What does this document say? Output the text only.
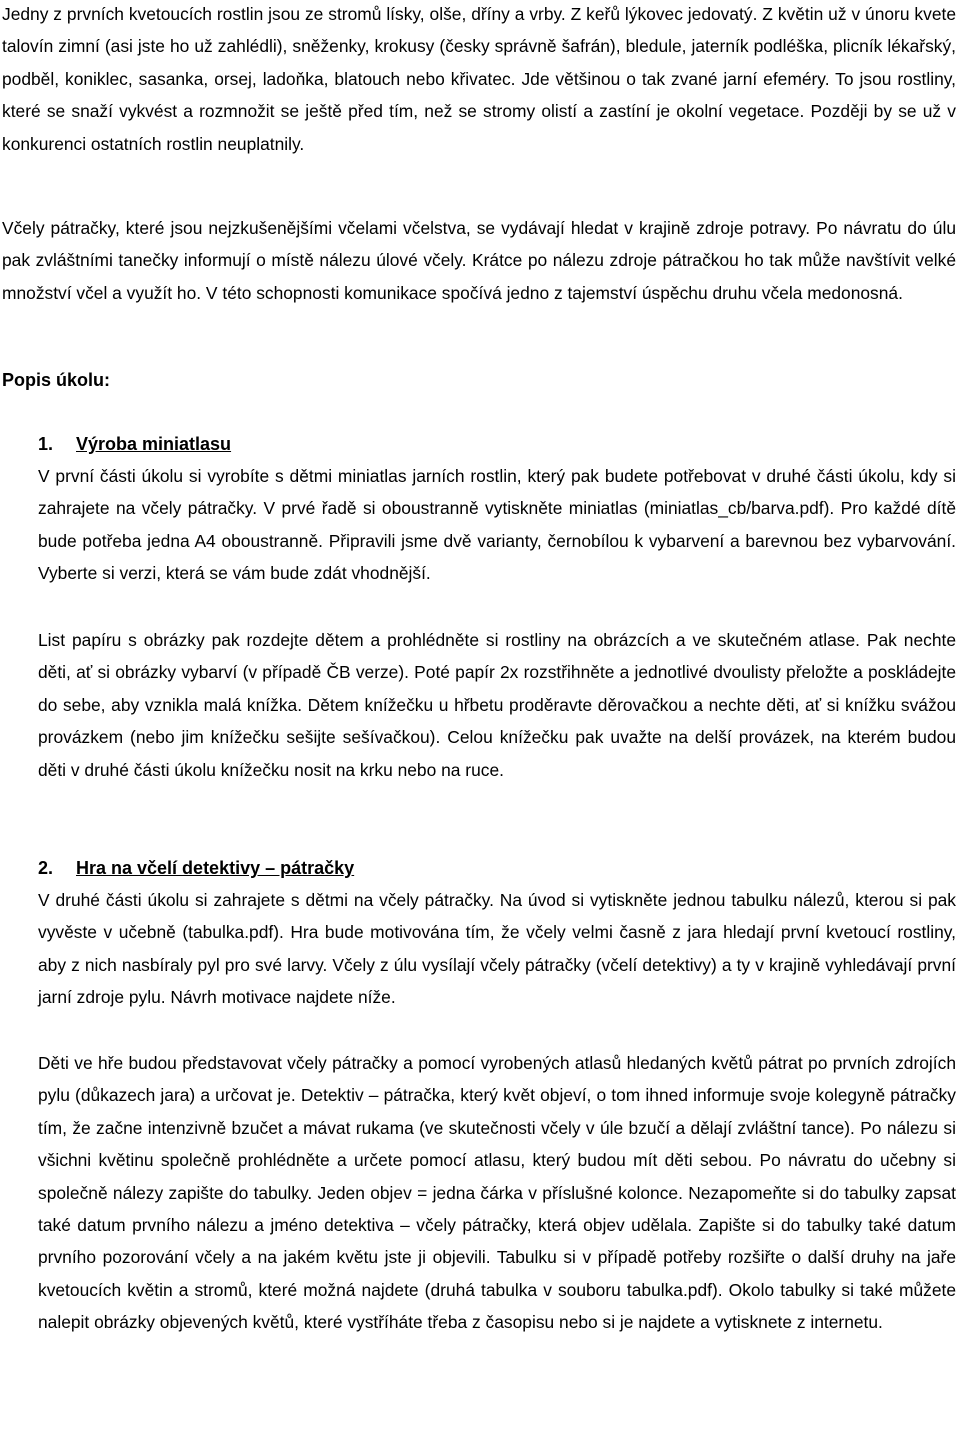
Jedny z prvních kvetoucích rostlin jsou ze stromů lísky, olše, dříny a vrby. Z keřů lýkovec jedovatý. Z květin už v únoru kvete talovín zimní (asi jste ho už zahlédli), sněženky, krokusy (česky správně šafrán), bledule, jaterník podléška, plicník lékařský, podběl, koniklec, sasanka, orsej, ladoňka, blatouch nebo křivatec. Jde většinou o tak zvané jarní efeméry. To jsou rostliny, které se snaží vykvést a rozmnožit se ještě před tím, než se stromy olistí a zastíní je okolní vegetace. Později by se už v konkurenci ostatních rostlin neuplatnily.

Včely pátračky, které jsou nejzkušenějšími včelami včelstva, se vydávají hledat v krajině zdroje potravy. Po návratu do úlu pak zvláštními tanečky informují o místě nálezu úlové včely. Krátce po nálezu zdroje pátračkou ho tak může navštívit velké množství včel a využít ho. V této schopnosti komunikace spočívá jedno z tajemství úspěchu druhu včela medonosná.

Popis úkolu:
1. Výroba miniatlasu

V první části úkolu si vyrobíte s dětmi miniatlas jarních rostlin, který pak budete potřebovat v druhé části úkolu, kdy si zahrajete na včely pátračky. V prvé řadě si oboustranně vytiskněte miniatlas (miniatlas_cb/barva.pdf). Pro každé dítě bude potřeba jedna A4 oboustranně. Připravili jsme dvě varianty, černobílou k vybarvení a barevnou bez vybarvování. Vyberte si verzi, která se vám bude zdát vhodnější.

List papíru s obrázky pak rozdejte dětem a prohlédněte si rostliny na obrázcích a ve skutečném atlase. Pak nechte děti, ať si obrázky vybarví (v případě ČB verze). Poté papír 2x rozstřihněte a jednotlivé dvoulisty přeložte a poskládejte do sebe, aby vznikla malá knížka. Dětem knížečku u hřbetu proděravte děrovačkou a nechte děti, ať si knížku svážou provázkem (nebo jim knížečku sešijte sešívačkou). Celou knížečku pak uvažte na delší provázek, na kterém budou děti v druhé části úkolu knížečku nosit na krku nebo na ruce.

2. Hra na včelí detektivy – pátračky

V druhé části úkolu si zahrajete s dětmi na včely pátračky. Na úvod si vytiskněte jednou tabulku nálezů, kterou si pak vyvěste v učebně (tabulka.pdf). Hra bude motivována tím, že včely velmi časně z jara hledají první kvetoucí rostliny, aby z nich nasbíraly pyl pro své larvy. Včely z úlu vysílají včely pátračky (včelí detektivy) a ty v krajině vyhledávají první jarní zdroje pylu. Návrh motivace najdete níže.

Děti ve hře budou představovat včely pátračky a pomocí vyrobených atlasů hledaných květů pátrat po prvních zdrojích pylu (důkazech jara) a určovat je. Detektiv – pátračka, který květ objeví, o tom ihned informuje svoje kolegyně pátračky tím, že začne intenzivně bzučet a mávat rukama (ve skutečnosti včely v úle bzučí a dělají zvláštní tance). Po nálezu si všichni květinu společně prohlédněte a určete pomocí atlasu, který budou mít děti sebou. Po návratu do učebny si společně nálezy zapište do tabulky. Jeden objev = jedna čárka v příslušné kolonce. Nezapomeňte si do tabulky zapsat také datum prvního nálezu a jméno detektiva – včely pátračky, která objev udělala. Zapište si do tabulky také datum prvního pozorování včely a na jakém květu jste ji objevili. Tabulku si v případě potřeby rozšiřte o další druhy na jaře kvetoucích květin a stromů, které možná najdete (druhá tabulka v souboru tabulka.pdf). Okolo tabulky si také můžete nalepit obrázky objevených květů, které vystříháte třeba z časopisu nebo si je najdete a vytisknete z internetu.
